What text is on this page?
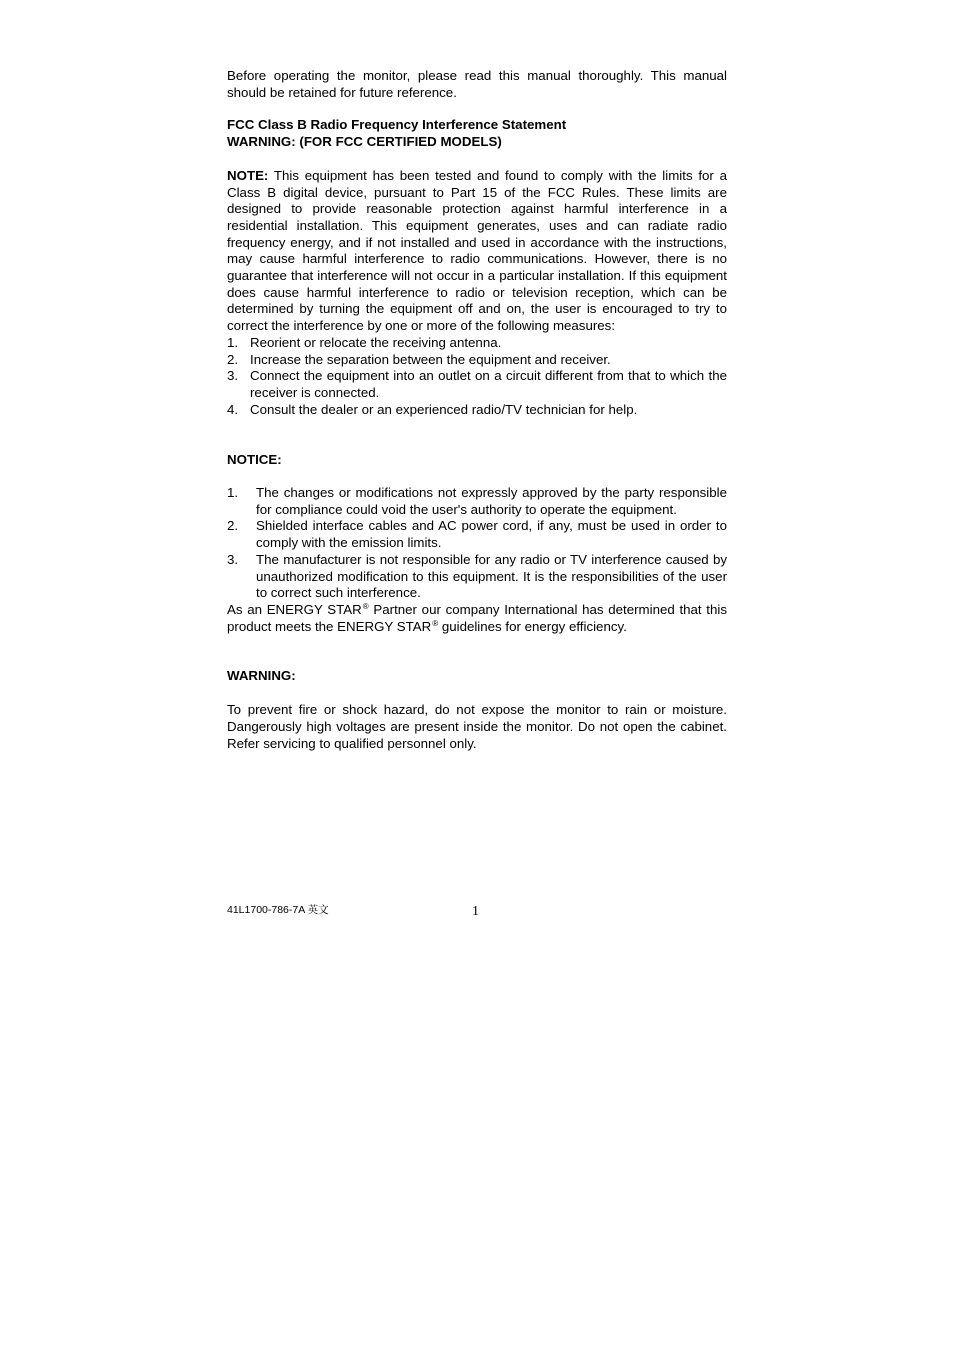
Before operating the monitor, please read this manual thoroughly. This manual should be retained for future reference.

FCC Class B Radio Frequency Interference Statement

WARNING: (FOR FCC CERTIFIED MODELS)

NOTE: This equipment has been tested and found to comply with the limits for a Class B digital device, pursuant to Part 15 of the FCC Rules. These limits are designed to provide reasonable protection against harmful interference in a residential installation. This equipment generates, uses and can radiate radio frequency energy, and if not installed and used in accordance with the instructions, may cause harmful interference to radio communications. However, there is no guarantee that interference will not occur in a particular installation. If this equipment does cause harmful interference to radio or television reception, which can be determined by turning the equipment off and on, the user is encouraged to try to correct the interference by one or more of the following measures:

1. Reorient or relocate the receiving antenna.
2. Increase the separation between the equipment and receiver.
3. Connect the equipment into an outlet on a circuit different from that to which the receiver is connected.
4. Consult the dealer or an experienced radio/TV technician for help.

NOTICE:

1. The changes or modifications not expressly approved by the party responsible for compliance could void the user's authority to operate the equipment.
2. Shielded interface cables and AC power cord, if any, must be used in order to comply with the emission limits.
3. The manufacturer is not responsible for any radio or TV interference caused by unauthorized modification to this equipment. It is the responsibilities of the user to correct such interference.

As an ENERGY STAR® Partner our company International has determined that this product meets the ENERGY STAR® guidelines for energy efficiency.

WARNING:

To prevent fire or shock hazard, do not expose the monitor to rain or moisture. Dangerously high voltages are present inside the monitor. Do not open the cabinet. Refer servicing to qualified personnel only.

41L1700-786-7A 英文	1
